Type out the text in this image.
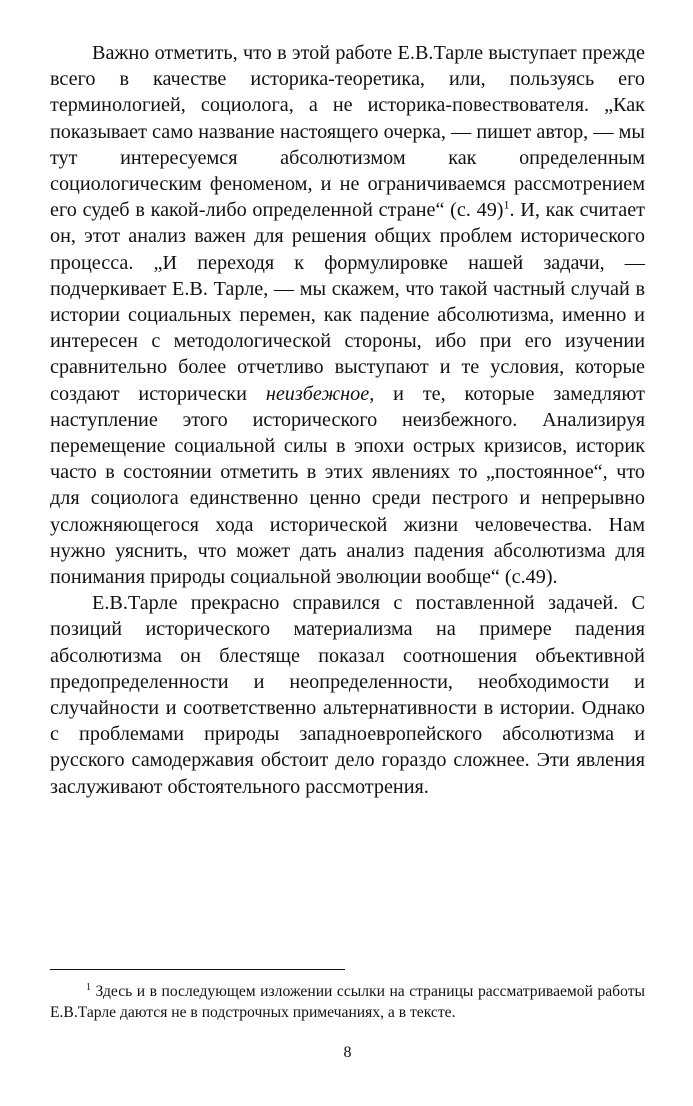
Важно отметить, что в этой работе Е.В.Тарле выступает прежде всего в качестве историка-теоретика, или, пользуясь его терминологией, социолога, а не историка-повествователя. „Как показывает само название настоящего очерка, — пишет автор, — мы тут интересуемся абсолютизмом как определенным социологическим феноменом, и не ограничиваемся рассмотрением его судеб в какой-либо определенной стране“ (с. 49)$^1$. И, как считает он, этот анализ важен для решения общих проблем исторического процесса. „И переходя к формулировке нашей задачи, — подчеркивает Е.В. Тарле, — мы скажем, что такой частный случай в истории социальных перемен, как падение абсолютизма, именно и интересен с методологической стороны, ибо при его изучении сравнительно более отчетливо выступают и те условия, которые создают исторически неизбежное, и те, которые замедляют наступление этого исторического неизбежного. Анализируя перемещение социальной силы в эпохи острых кризисов, историк часто в состоянии отметить в этих явлениях то „постоянное“, что для социолога единственно ценно среди пестрого и непрерывно усложняющегося хода исторической жизни человечества. Нам нужно уяснить, что может дать анализ падения абсолютизма для понимания природы социальной эволюции вообще“ (с.49).

Е.В.Тарле прекрасно справился с поставленной задачей. С позиций исторического материализма на примере падения абсолютизма он блестяще показал соотношения объективной предопределенности и неопределенности, необходимости и случайности и соответственно альтернативности в истории. Однако с проблемами природы западноевропейского абсолютизма и русского самодержавия обстоит дело гораздо сложнее. Эти явления заслуживают обстоятельного рассмотрения.

$^1$ Здесь и в последующем изложении ссылки на страницы рассматриваемой работы Е.В.Тарле даются не в подстрочных примечаниях, а в тексте.

8
